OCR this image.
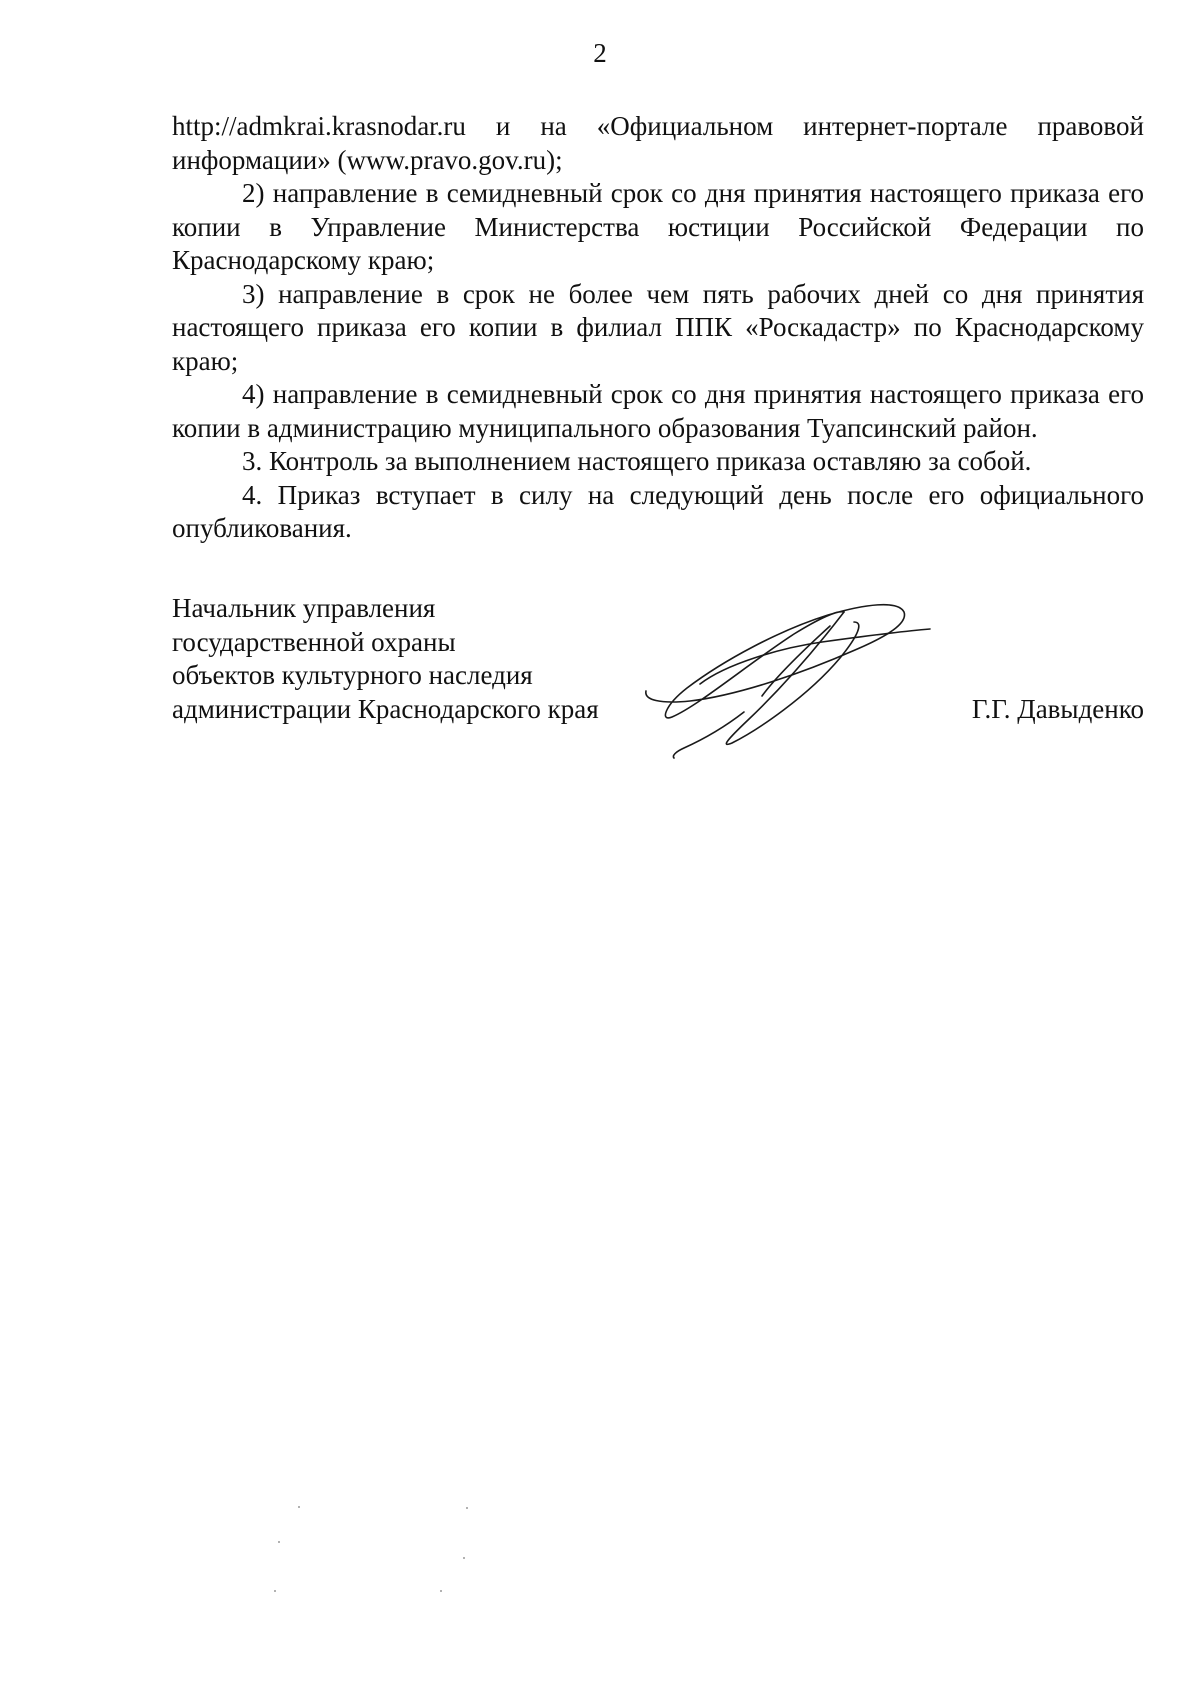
2
http://admkrai.krasnodar.ru и на «Официальном интернет-портале правовой

информации» (www.pravo.gov.ru);

2) направление в семидневный срок со дня принятия настоящего приказа его копии в Управление Министерства юстиции Российской Федерации по Краснодарскому краю;

3) направление в срок не более чем пять рабочих дней со дня принятия настоящего приказа его копии в филиал ППК «Роскадастр» по Краснодарскому краю;

4) направление в семидневный срок со дня принятия настоящего приказа его копии в администрацию муниципального образования Туапсинский район.

3. Контроль за выполнением настоящего приказа оставляю за собой.

4. Приказ вступает в силу на следующий день после его официального опубликования.

Начальник управления
государственной охраны
объектов культурного наследия
администрации Краснодарского края	Г.Г. Давыденко
